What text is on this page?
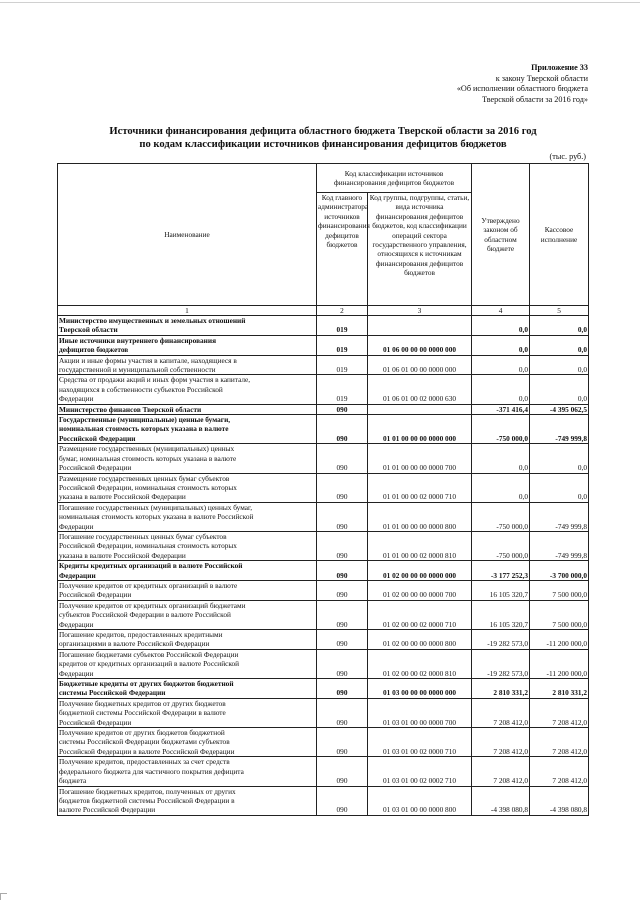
Приложение 33
к закону Тверской области
«Об исполнении областного бюджета
Тверской области за 2016 год»
Источники финансирования дефицита областного бюджета Тверской области за 2016 год
по кодам классификации источников финансирования дефицитов бюджетов
(тыс. руб.)
Наименование	Код классификации источников финансирования дефицитов бюджетов		Утверждено законом об областном бюджете	Кассовое исполнение
	Код главного администратора источников финансирования дефицитов бюджетов	Код группы, подгруппы, статьи, вида источника финансирования дефицитов бюджетов, код классификации операций сектора государственного управления, относящихся к источникам финансирования дефицитов бюджетов		
1	2	3	4	5

Министерство имущественных и земельных отношений
Тверской области	019		0,0	0,0

Иные источники внутреннего финансирования
дефицитов бюджетов	019	01 06 00 00 00 0000 000	0,0	0,0

Акции и иные формы участия в капитале, находящиеся в
государственной и муниципальной собственности	019	01 06 01 00 00 0000 000	0,0	0,0

Средства от продажи акций и иных форм участия в капитале,
находящихся в собственности субъектов Российской
Федерации	019	01 06 01 00 02 0000 630	0,0	0,0

Министерство финансов Тверской области	090		-371 416,4	-4 395 062,5

Государственные (муниципальные) ценные бумаги,
номинальная стоимость которых указана в валюте
Российской Федерации	090	01 01 00 00 00 0000 000	-750 000,0	-749 999,8

Размещение государственных (муниципальных) ценных
бумаг, номинальная стоимость которых указана в валюте
Российской Федерации	090	01 01 00 00 00 0000 700	0,0	0,0

Размещение государственных ценных бумаг субъектов
Российской Федерации, номинальная стоимость которых
указана в валюте Российской Федерации	090	01 01 00 00 02 0000 710	0,0	0,0

Погашение государственных (муниципальных) ценных бумаг,
номинальная стоимость которых указана в валюте Российской
Федерации	090	01 01 00 00 00 0000 800	-750 000,0	-749 999,8

Погашение государственных ценных бумаг субъектов
Российской Федерации, номинальная стоимость которых
указана в валюте Российской Федерации	090	01 01 00 00 02 0000 810	-750 000,0	-749 999,8

Кредиты кредитных организаций в валюте Российской
Федерации	090	01 02 00 00 00 0000 000	-3 177 252,3	-3 700 000,0

Получение кредитов от кредитных организаций в валюте
Российской Федерации	090	01 02 00 00 00 0000 700	16 105 320,7	7 500 000,0

Получение кредитов от кредитных организаций бюджетами
субъектов Российской Федерации в валюте Российской
Федерации	090	01 02 00 00 02 0000 710	16 105 320,7	7 500 000,0

Погашение кредитов, предоставленных кредитными
организациями в валюте Российской Федерации	090	01 02 00 00 00 0000 800	-19 282 573,0	-11 200 000,0

Погашение бюджетами субъектов Российской Федерации
кредитов от кредитных организаций в валюте Российской
Федерации	090	01 02 00 00 02 0000 810	-19 282 573,0	-11 200 000,0

Бюджетные кредиты от других бюджетов бюджетной
системы Российской Федерации	090	01 03 00 00 00 0000 000	2 810 331,2	2 810 331,2

Получение бюджетных кредитов от других бюджетов
бюджетной системы Российской Федерации в валюте
Российской Федерации	090	01 03 01 00 00 0000 700	7 208 412,0	7 208 412,0

Получение кредитов от других бюджетов бюджетной
системы Российской Федерации бюджетами субъектов
Российской Федерации в валюте Российской Федерации	090	01 03 01 00 02 0000 710	7 208 412,0	7 208 412,0

Получение кредитов, предоставленных за счет средств
федерального бюджета для частичного покрытия дефицита
бюджета	090	01 03 01 00 02 0002 710	7 208 412,0	7 208 412,0

Погашение бюджетных кредитов, полученных от других
бюджетов бюджетной системы Российской Федерации в
валюте Российской Федерации	090	01 03 01 00 00 0000 800	-4 398 080,8	-4 398 080,8
